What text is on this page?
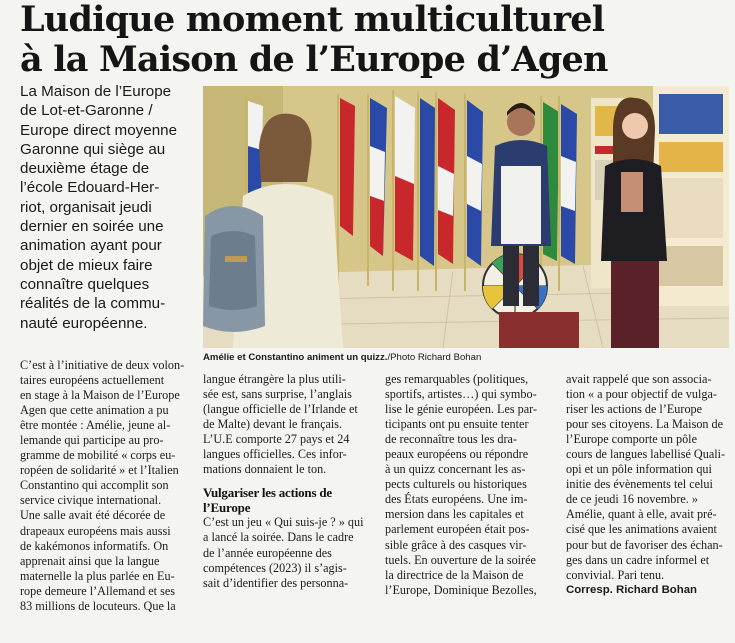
Ludique moment multiculturel
à la Maison de l’Europe d’Agen
La Maison de l’Europe
de Lot-et-Garonne /
Europe direct moyenne
Garonne qui siège au
deuxième étage de
l’école Edouard-Her-
riot, organisait jeudi
dernier en soirée une
animation ayant pour
objet de mieux faire
connaître quelques
réalités de la commu-
nauté européenne.
Amélie et Constantino animent un quizz./Photo Richard Bohan
C’est à l’initiative de deux volon-
taires européens actuellement
en stage à la Maison de l’Europe
Agen que cette animation a pu
être montée : Amélie, jeune al-
lemande qui participe au pro-
gramme de mobilité « corps eu-
ropéen de solidarité » et l’Italien
Constantino qui accomplit son
service civique international.
Une salle avait été décorée de
drapeaux européens mais aussi
de kakémonos informatifs. On
apprenait ainsi que la langue
maternelle la plus parlée en Eu-
rope demeure l’Allemand et ses
83 millions de locuteurs. Que la
langue étrangère la plus utili-
sée est, sans surprise, l’anglais
(langue officielle de l’Irlande et
de Malte) devant le français.
L’U.E comporte 27 pays et 24
langues officielles. Ces infor-
mations donnaient le ton.
Vulgariser les actions de
l’Europe
C’est un jeu « Qui suis-je ? » qui
a lancé la soirée. Dans le cadre
de l’année européenne des
compétences (2023) il s’agis-
sait d’identifier des personna-
ges remarquables (politiques,
sportifs, artistes…) qui symbo-
lise le génie européen. Les par-
ticipants ont pu ensuite tenter
de reconnaître tous les dra-
peaux européens ou répondre
à un quizz concernant les as-
pects culturels ou historiques
des États européens. Une im-
mersion dans les capitales et
parlement européen était pos-
sible grâce à des casques vir-
tuels. En ouverture de la soirée
la directrice de la Maison de
l’Europe, Dominique Bezolles,
avait rappelé que son associa-
tion « a pour objectif de vulga-
riser les actions de l’Europe
pour ses citoyens. La Maison de
l’Europe comporte un pôle
cours de langues labellisé Quali-
opi et un pôle information qui
initie des évènements tel celui
de ce jeudi 16 novembre. »
Amélie, quant à elle, avait pré-
cisé que les animations avaient
pour but de favoriser des échan-
ges dans un cadre informel et
convivial. Pari tenu.
Corresp. Richard Bohan
